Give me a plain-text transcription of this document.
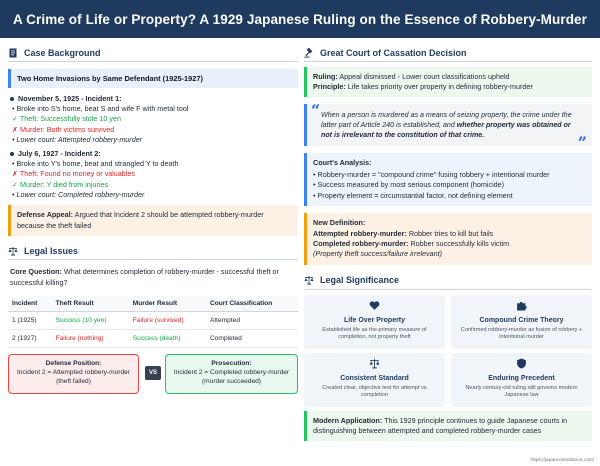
A Crime of Life or Property? A 1929 Japanese Ruling on the Essence of Robbery-Murder
Case Background
Two Home Invasions by Same Defendant (1925-1927)
November 5, 1925 - Incident 1:
• Broke into S's home, beat S and wife F with metal tool
✓ Theft: Successfully stole 10 yen
✗ Murder: Both victims survived
• Lower court: Attempted robbery-murder
July 6, 1927 - Incident 2:
• Broke into Y's home, beat and strangled Y to death
✗ Theft: Found no money or valuables
✓ Murder: Y died from injuries
• Lower court: Completed robbery-murder
Defense Appeal: Argued that Incident 2 should be attempted robbery-murder because the theft failed
Legal Issues
Core Question: What determines completion of robbery-murder - successful theft or successful killing?
Incident	Theft Result	Murder Result	Court Classification
1 (1925)	Success (10 yen)	Failure (survived)	Attempted
2 (1927)	Failure (nothing)	Success (death)	Completed
Defense Position:
Incident 2 = Attempted robbery-murder (theft failed)
VS
Prosecution:
Incident 2 = Completed robbery-murder (murder succeeded)
Great Court of Cassation Decision
Ruling: Appeal dismissed - Lower court classifications upheld
Principle: Life takes priority over property in defining robbery-murder
“ When a person is murdered as a means of seizing property, the crime under the latter part of Article 240 is established, and whether property was obtained or not is irrelevant to the constitution of that crime.	”
Court's Analysis:
• Robbery-murder = "compound crime" fusing robbery + intentional murder
• Success measured by most serious component (homicide)
• Property element = circumstantial factor, not defining element
New Definition:
Attempted robbery-murder: Robber tries to kill but fails
Completed robbery-murder: Robber successfully kills victim
(Property theft success/failure irrelevant)
Legal Significance
Life Over Property
Established life as the primary measure of completion, not property theft
Compound Crime Theory
Confirmed robbery-murder as fusion of robbery + intentional murder
Consistent Standard
Created clear, objective test for attempt vs completion
Enduring Precedent
Nearly century-old ruling still governs modern Japanese law
Modern Application: This 1929 principle continues to guide Japanese courts in distinguishing between attempted and completed robbery-murder cases
https://japanconsultance.com/
